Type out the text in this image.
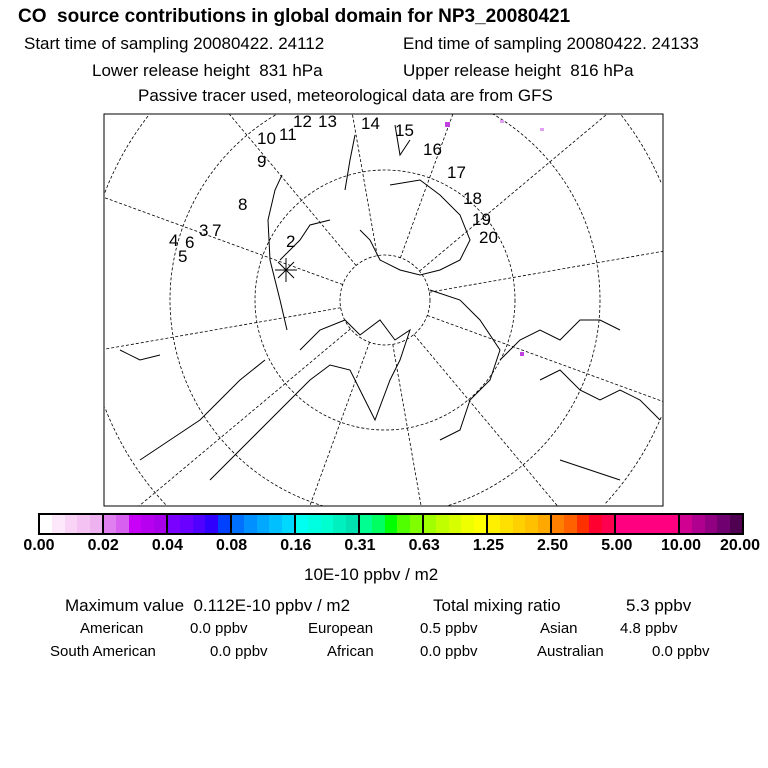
CO  source contributions in global domain for NP3_20080421
Start time of sampling 20080422. 24112	End time of sampling 20080422. 24133
Lower release height  831 hPa	Upper release height  816 hPa
Passive tracer used, meteorological data are from GFS
2
3
4
5
6
7
8
9
10 11
12 13 14 15
16
17
18
19
20
0.00 0.02 0.04 0.08 0.16 0.31 0.63 1.25 2.50 5.00 10.00 20.00
10E-10 ppbv / m2
Maximum value  0.112E-10 ppbv / m2	Total mixing ratio	5.3 ppbv
American	0.0 ppbv	European	0.5 ppbv	Asian	4.8 ppbv
South American	0.0 ppbv	African	0.0 ppbv	Australian	0.0 ppbv
